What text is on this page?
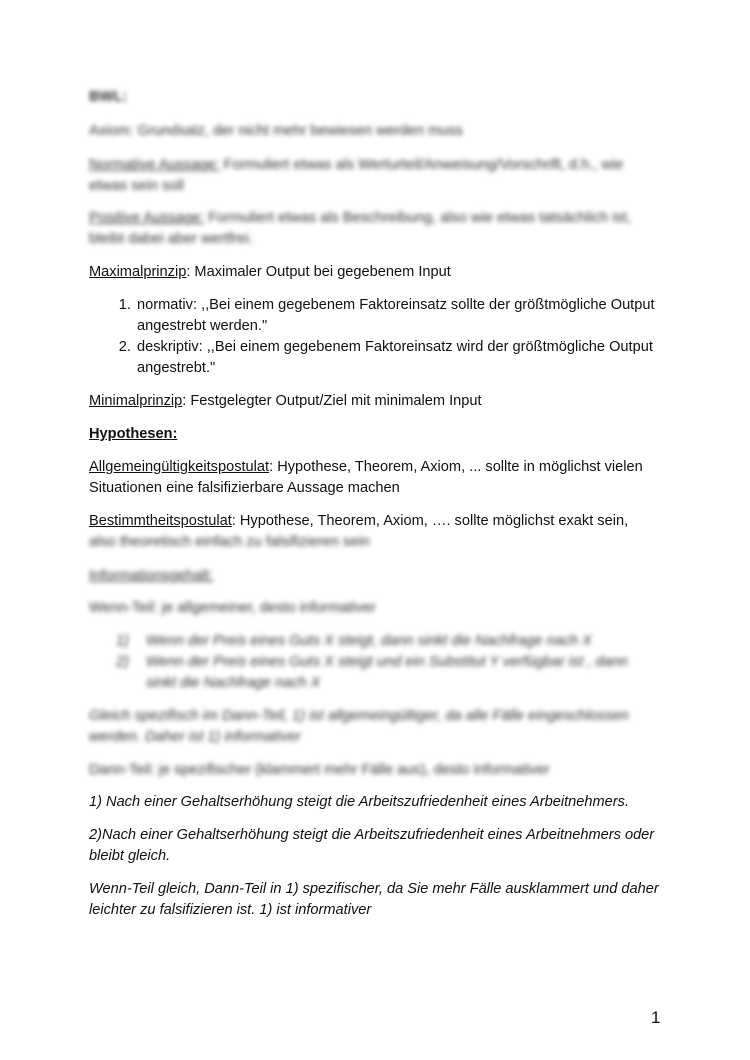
BWL:

Axiom: Grundsatz, der nicht mehr bewiesen werden muss

Normative Aussage: Formuliert etwas als Werturteil/Anweisung/Vorschrift, d.h., wie etwas sein soll

Positive Aussage: Formuliert etwas als Beschreibung, also wie etwas tatsächlich ist, bleibt dabei aber wertfrei.

Maximalprinzip: Maximaler Output bei gegebenem Input

1. normativ: ,,Bei einem gegebenem Faktoreinsatz sollte der größtmögliche Output angestrebt werden."
2. deskriptiv: ,,Bei einem gegebenem Faktoreinsatz wird der größtmögliche Output angestrebt."

Minimalprinzip: Festgelegter Output/Ziel mit minimalem Input

Hypothesen:

Allgemeingültigkeitspostulat: Hypothese, Theorem, Axiom, ... sollte in möglichst vielen Situationen eine falsifizierbare Aussage machen

Bestimmtheitspostulat: Hypothese, Theorem, Axiom, …. sollte möglichst exakt sein,

also theoretisch einfach zu falsifizieren sein

Informationsgehalt:

Wenn-Teil: je allgemeiner, desto informativer

1)	Wenn der Preis eines Guts X steigt, dann sinkt die Nachfrage nach X
2)	Wenn der Preis eines Guts X steigt und ein Substitut Y verfügbar ist , dann sinkt die Nachfrage nach X

Gleich spezifisch im Dann-Teil, 1) ist allgemeingültiger, da alle Fälle eingeschlossen werden. Daher ist 1) informativer

Dann-Teil: je spezifischer (klammert mehr Fälle aus), desto informativer

1) Nach einer Gehaltserhöhung steigt die Arbeitszufriedenheit eines Arbeitnehmers.

2)Nach einer Gehaltserhöhung steigt die Arbeitszufriedenheit eines Arbeitnehmers oder bleibt gleich.

Wenn-Teil gleich, Dann-Teil in 1) spezifischer, da Sie mehr Fälle ausklammert und daher leichter zu falsifizieren ist. 1) ist informativer

1
